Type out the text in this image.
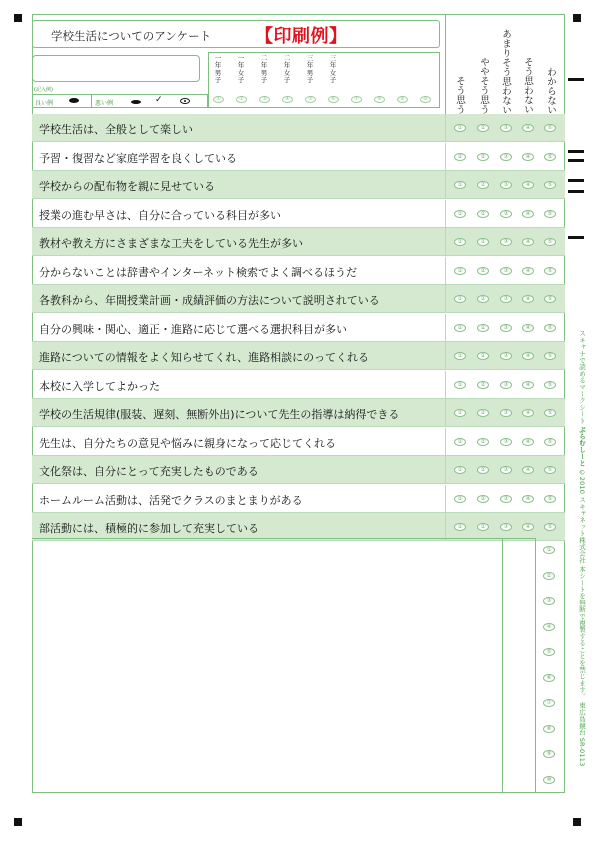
学校生活についてのアンケート 【印刷例】
(記入例)
良い例	悪い例	✓
一年男子
一年女子
二年男子
二年女子
三年男子
三年女子
①	②	③	④	⑤	⑥	⑦	⑧	⑨	⑩	そう思う ややそう思う あまりそう思わない そう思わない わからない
学校生活は、全般として楽しい	①	②	③	④	⑤
予習・復習など家庭学習を良くしている	①	②	③	④	⑤
学校からの配布物を親に見せている	①	②	③	④	⑤
授業の進む早さは、自分に合っている科目が多い	①	②	③	④	⑤
教材や教え方にさまざまな工夫をしている先生が多い	①	②	③	④	⑤
分からないことは辞書やインターネット検索でよく調べるほうだ	①	②	③	④	⑤
各教科から、年間授業計画・成績評価の方法について説明されている	①	②	③	④	⑤
自分の興味・関心、適正・進路に応じて選べる選択科目が多い	①	②	③	④	⑤
進路についての情報をよく知らせてくれ、進路相談にのってくれる	①	②	③	④	⑤
本校に入学してよかった	①	②	③	④	⑤
学校の生活規律(服装、遅刻、無断外出)について先生の指導は納得できる	①	②	③	④	⑤
先生は、自分たちの意見や悩みに親身になって応じてくれる	①	②	③	④	⑤
文化祭は、自分にとって充実したものである	①	②	③	④	⑤
ホームルーム活動は、活発でクラスのまとまりがある	①	②	③	④	⑤
部活動には、積極的に参加して充実している	①	②	③	④	⑤
①
②
③
④
⑤
⑥
⑦
⑧
⑨
⑩
スキャナで読めるマークシート ぷらむしーと ©2010 スキャネット株式会社 本シートを無断で複製することを禁じます。 東広島鏡台 SR-0113
